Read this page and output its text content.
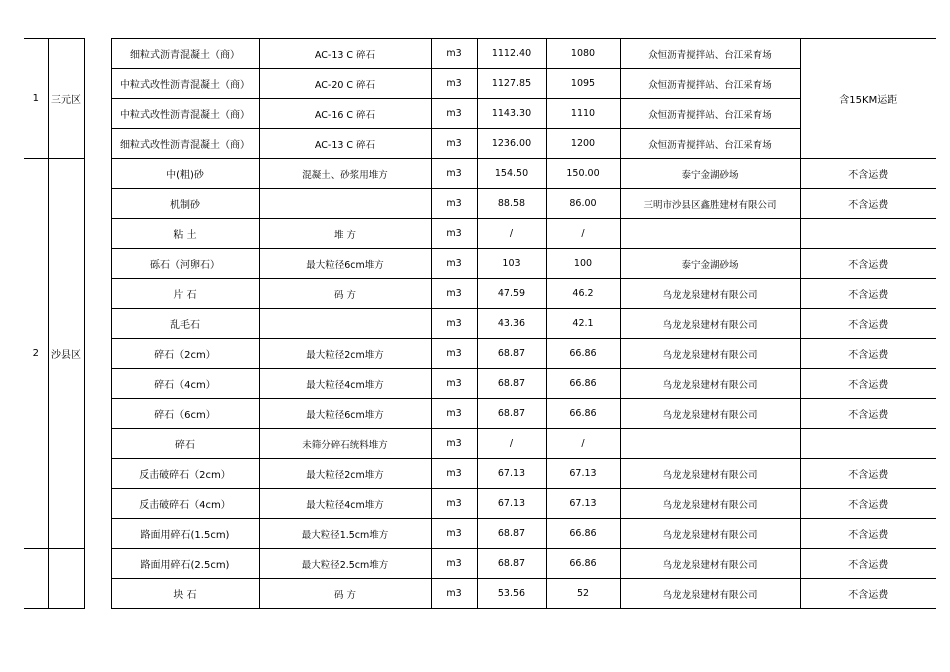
1	三元区		细粒式沥青混凝土（商）	AC-13 C 碎石	m3	1112.40	1080	众恒沥青搅拌站、台江采育场	含15KM运距
			中粒式改性沥青混凝土（商）	AC-20 C 碎石	m3	1127.85	1095	众恒沥青搅拌站、台江采育场	
			中粒式改性沥青混凝土（商）	AC-16 C 碎石	m3	1143.30	1110	众恒沥青搅拌站、台江采育场	
			细粒式改性沥青混凝土（商）	AC-13 C 碎石	m3	1236.00	1200	众恒沥青搅拌站、台江采育场	
2	沙县区		中(粗)砂	混凝土、砂浆用堆方	m3	154.50	150.00	泰宁金湖砂场	不含运费
			机制砂		m3	88.58	86.00	三明市沙县区鑫胜建材有限公司	不含运费
			粘 土	堆 方	m3	/	/		
			砾石（河卵石）	最大粒径6cm堆方	m3	103	100	泰宁金湖砂场	不含运费
			片 石	码 方	m3	47.59	46.2	乌龙龙泉建材有限公司	不含运费
			乱毛石		m3	43.36	42.1	乌龙龙泉建材有限公司	不含运费
			碎石（2cm）	最大粒径2cm堆方	m3	68.87	66.86	乌龙龙泉建材有限公司	不含运费
			碎石（4cm）	最大粒径4cm堆方	m3	68.87	66.86	乌龙龙泉建材有限公司	不含运费
			碎石（6cm）	最大粒径6cm堆方	m3	68.87	66.86	乌龙龙泉建材有限公司	不含运费
			碎石	未筛分碎石统料堆方	m3	/	/		
			反击破碎石（2cm）	最大粒径2cm堆方	m3	67.13	67.13	乌龙龙泉建材有限公司	不含运费
			反击破碎石（4cm）	最大粒径4cm堆方	m3	67.13	67.13	乌龙龙泉建材有限公司	不含运费
			路面用碎石(1.5cm)	最大粒径1.5cm堆方	m3	68.87	66.86	乌龙龙泉建材有限公司	不含运费
			路面用碎石(2.5cm)	最大粒径2.5cm堆方	m3	68.87	66.86	乌龙龙泉建材有限公司	不含运费
			块 石	码 方	m3	53.56	52	乌龙龙泉建材有限公司	不含运费
